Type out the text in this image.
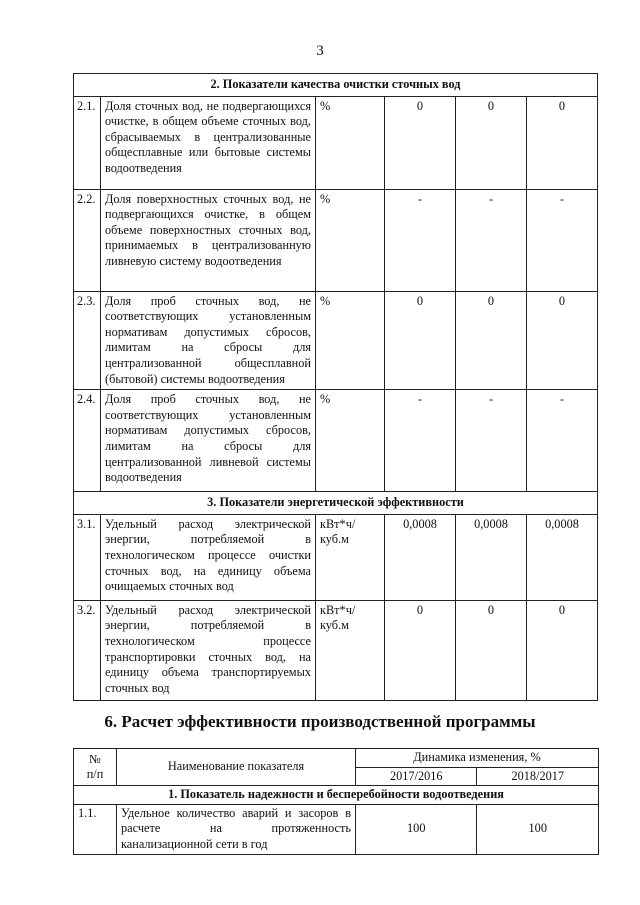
3
2. Показатели качества очистки сточных вод					
2.1.	Доля сточных вод, не подвергающихся очистке, в общем объеме сточных вод, сбрасываемых в централизованные общесплавные или бытовые системы водоотведения	%	0	0	0
2.2.	Доля поверхностных сточных вод, не подвергающихся очистке, в общем объеме поверхностных сточных вод, принимаемых в централизованную ливневую систему водоотведения	%	-	-	-
2.3.	Доля проб сточных вод, не соответствующих установленным нормативам допустимых сбросов, лимитам на сбросы для централизованной общесплавной (бытовой) системы водоотведения	%	0	0	0
2.4.	Доля проб сточных вод, не соответствующих установленным нормативам допустимых сбросов, лимитам на сбросы для централизованной ливневой системы водоотведения	%	-	-	-
3. Показатели энергетической эффективности					
3.1.	Удельный расход электрической энергии, потребляемой в технологическом процессе очистки сточных вод, на единицу объема очищаемых сточных вод	кВт*ч/куб.м	0,0008	0,0008	0,0008
3.2.	Удельный расход электрической энергии, потребляемой в технологическом процессе транспортировки сточных вод, на единицу объема транспортируемых сточных вод	кВт*ч/куб.м	0	0	0
6. Расчет эффективности производственной программы
№
п/п	Наименование показателя	Динамика изменения, %	
		2017/2016	2018/2017
1. Показатель надежности и бесперебойности водоотведения			
1.1.	Удельное количество аварий и засоров в расчете на протяженность канализационной сети в год	100	100
